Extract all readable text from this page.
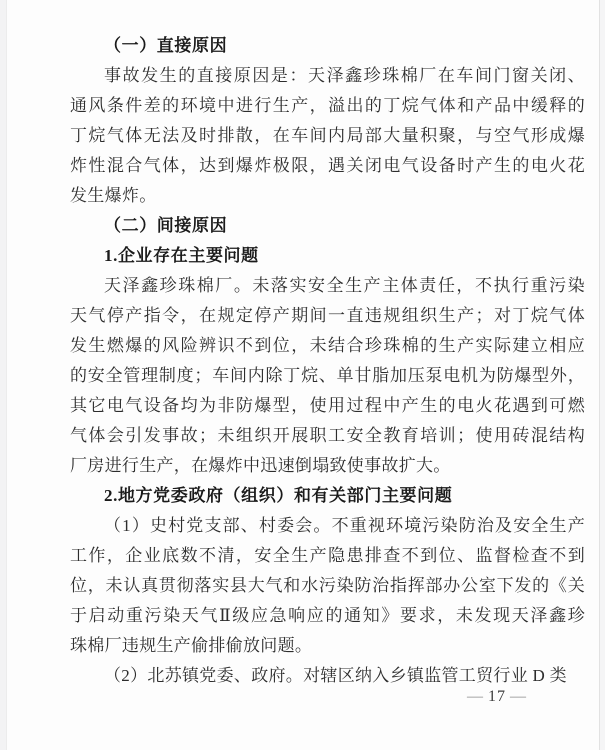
（一）直接原因
事故发生的直接原因是：天泽鑫珍珠棉厂在车间门窗关闭、
通风条件差的环境中进行生产，溢出的丁烷气体和产品中缓释的
丁烷气体无法及时排散，在车间内局部大量积聚，与空气形成爆
炸性混合气体，达到爆炸极限，遇关闭电气设备时产生的电火花
发生爆炸。
（二）间接原因
1.企业存在主要问题
天泽鑫珍珠棉厂。未落实安全生产主体责任，不执行重污染
天气停产指令，在规定停产期间一直违规组织生产；对丁烷气体
发生燃爆的风险辨识不到位，未结合珍珠棉的生产实际建立相应
的安全管理制度；车间内除丁烷、单甘脂加压泵电机为防爆型外，
其它电气设备均为非防爆型，使用过程中产生的电火花遇到可燃
气体会引发事故；未组织开展职工安全教育培训；使用砖混结构
厂房进行生产，在爆炸中迅速倒塌致使事故扩大。
2.地方党委政府（组织）和有关部门主要问题
（1）史村党支部、村委会。不重视环境污染防治及安全生产
工作，企业底数不清，安全生产隐患排查不到位、监督检查不到
位，未认真贯彻落实县大气和水污染防治指挥部办公室下发的《关
于启动重污染天气Ⅱ级应急响应的通知》要求，未发现天泽鑫珍
珠棉厂违规生产偷排偷放问题。
（2）北苏镇党委、政府。对辖区纳入乡镇监管工贸行业 D 类
— 17 —
